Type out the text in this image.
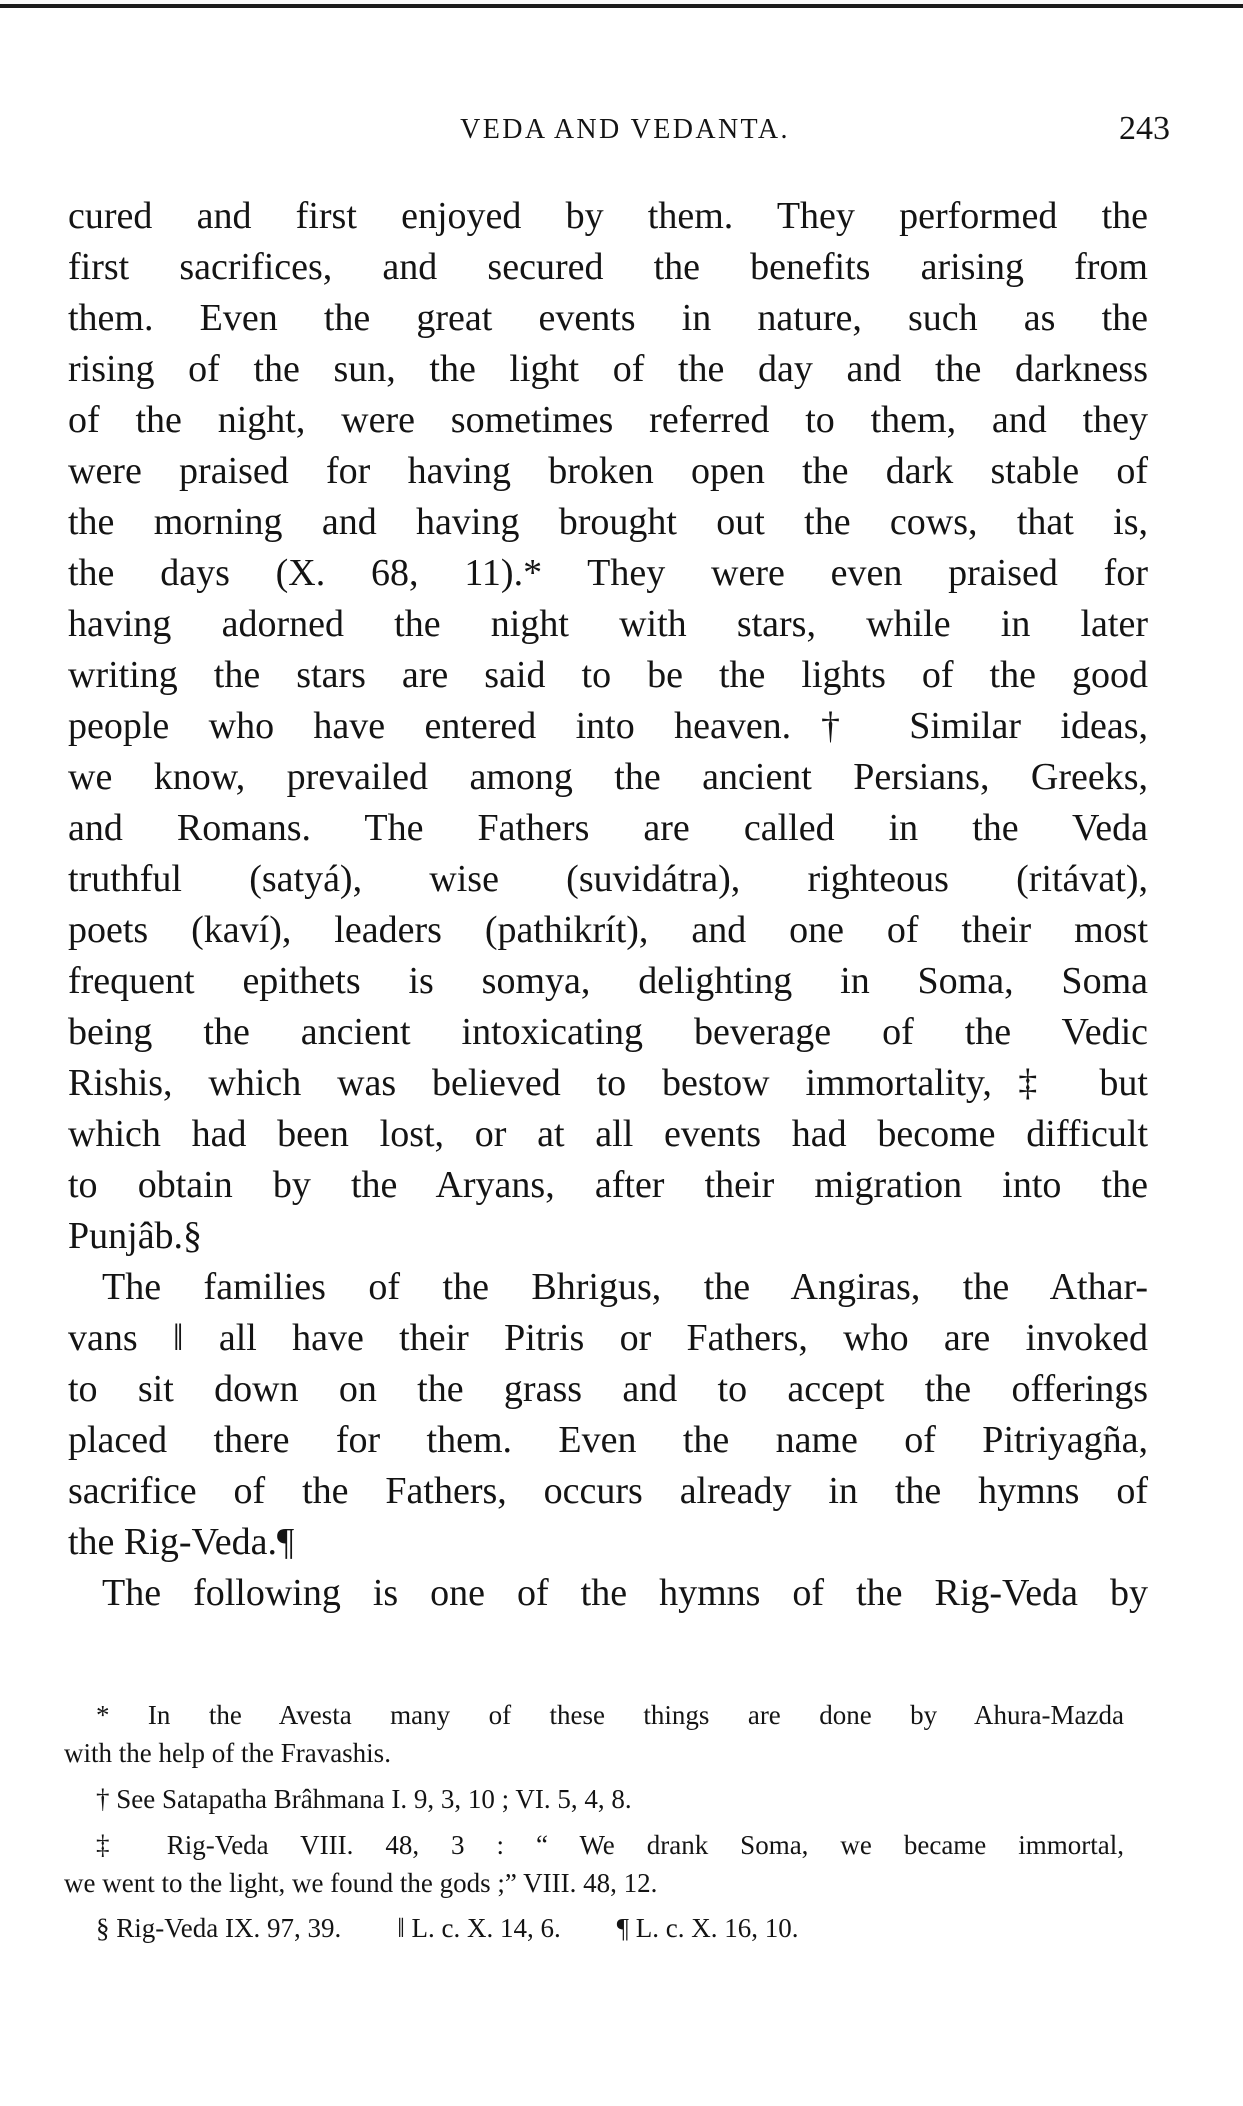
VEDA AND VEDANTA.	243
cured and first enjoyed by them. They performed the
first sacrifices, and secured the benefits arising from
them. Even the great events in nature, such as the
rising of the sun, the light of the day and the darkness
of the night, were sometimes referred to them, and they
were praised for having broken open the dark stable of
the morning and having brought out the cows, that is,
the days (X. 68, 11).* They were even praised for
having adorned the night with stars, while in later
writing the stars are said to be the lights of the good
people who have entered into heaven.† Similar ideas,
we know, prevailed among the ancient Persians, Greeks,
and Romans. The Fathers are called in the Veda
truthful (satyá), wise (suvidátra), righteous (ritávat),
poets (kaví), leaders (pathikrít), and one of their most
frequent epithets is somya, delighting in Soma, Soma
being the ancient intoxicating beverage of the Vedic
Rishis, which was believed to bestow immortality,‡ but
which had been lost, or at all events had become difficult
to obtain by the Aryans, after their migration into the
Punjâb.§
The families of the Bhrigus, the Angiras, the Athar-
vans ‖ all have their Pitris or Fathers, who are invoked
to sit down on the grass and to accept the offerings
placed there for them. Even the name of Pitriyagña,
sacrifice of the Fathers, occurs already in the hymns of
the Rig-Veda.¶
The following is one of the hymns of the Rig-Veda by
* In the Avesta many of these things are done by Ahura-Mazda
with the help of the Fravashis.
† See Satapatha Brâhmana I. 9, 3, 10 ; VI. 5, 4, 8.
‡ Rig-Veda VIII. 48, 3 : “ We drank Soma, we became immortal,
we went to the light, we found the gods ;” VIII. 48, 12.
§ Rig-Veda IX. 97, 39. ‖ L. c. X. 14, 6. ¶ L. c. X. 16, 10.
